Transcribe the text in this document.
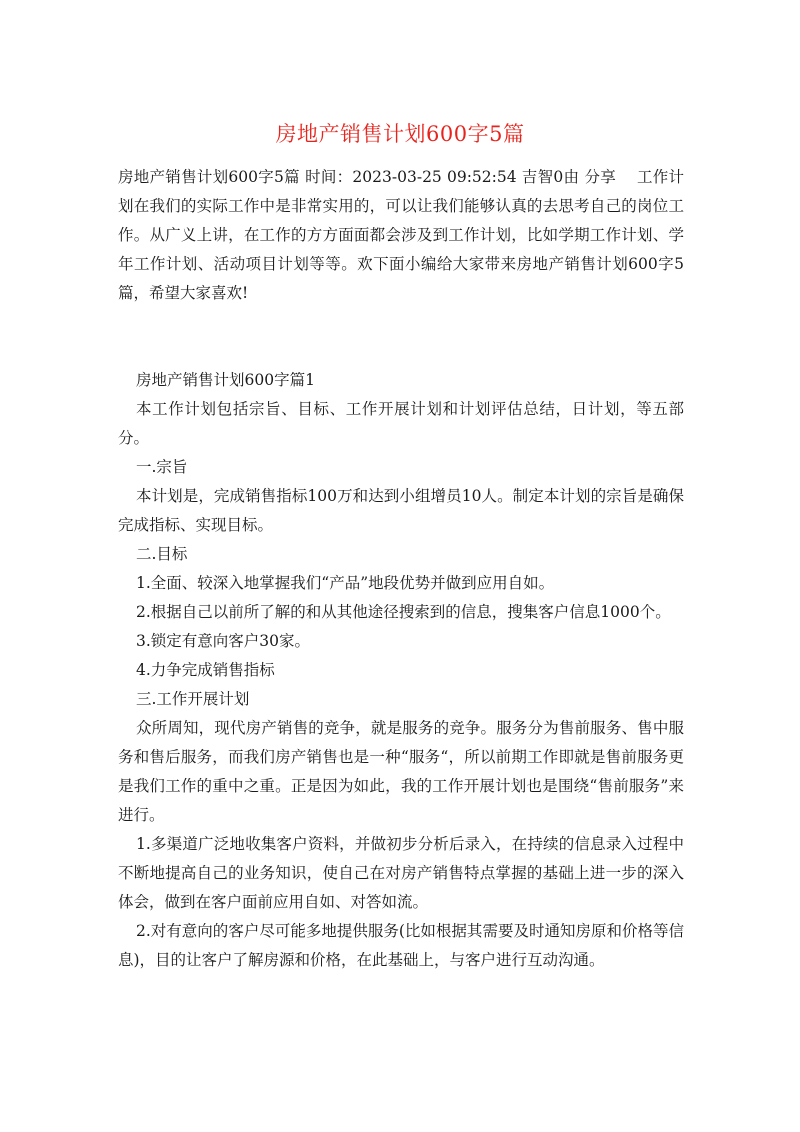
房地产销售计划600字5篇

房地产销售计划600字5篇 时间：2023-03-25 09:52:54 吉智0由 分享　 工作计划在我们的实际工作中是非常实用的，可以让我们能够认真的去思考自己的岗位工作。从广义上讲，在工作的方方面面都会涉及到工作计划，比如学期工作计划、学年工作计划、活动项目计划等等。欢下面小编给大家带来房地产销售计划600字5篇，希望大家喜欢!

房地产销售计划600字篇1

本工作计划包括宗旨、目标、工作开展计划和计划评估总结，日计划，等五部分。

一.宗旨

本计划是，完成销售指标100万和达到小组增员10人。制定本计划的宗旨是确保完成指标、实现目标。

二.目标

1.全面、较深入地掌握我们“产品”地段优势并做到应用自如。

2.根据自己以前所了解的和从其他途径搜索到的信息，搜集客户信息1000个。

3.锁定有意向客户30家。

4.力争完成销售指标

三.工作开展计划

众所周知，现代房产销售的竞争，就是服务的竞争。服务分为售前服务、售中服务和售后服务，而我们房产销售也是一种“服务“，所以前期工作即就是售前服务更是我们工作的重中之重。正是因为如此，我的工作开展计划也是围绕“售前服务”来进行。

1.多渠道广泛地收集客户资料，并做初步分析后录入，在持续的信息录入过程中不断地提高自己的业务知识，使自己在对房产销售特点掌握的基础上进一步的深入体会，做到在客户面前应用自如、对答如流。

2.对有意向的客户尽可能多地提供服务(比如根据其需要及时通知房原和价格等信息)，目的让客户了解房源和价格，在此基础上，与客户进行互动沟通。
